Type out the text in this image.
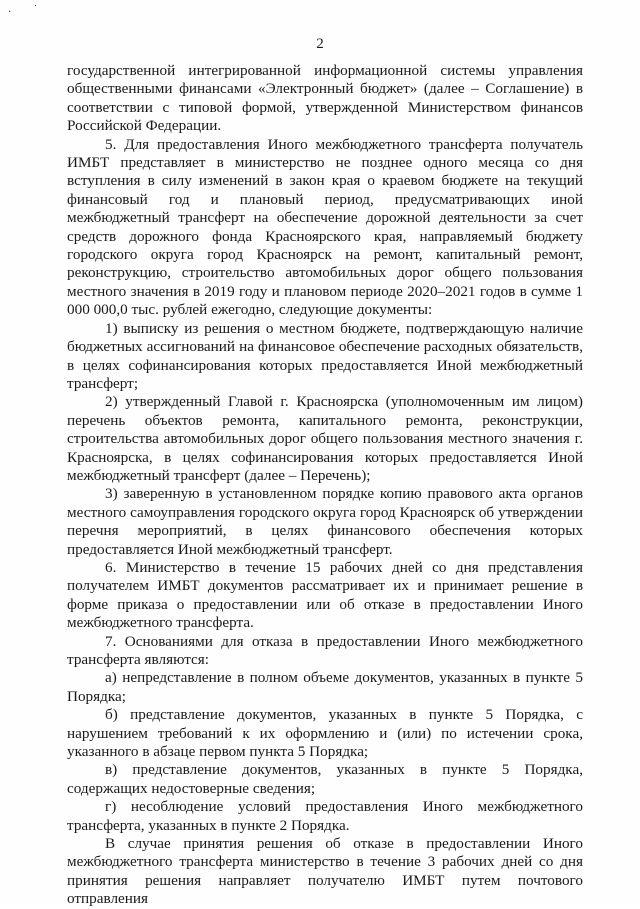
․ ˙
2

государственной интегрированной информационной системы управления общественными финансами «Электронный бюджет» (далее – Соглашение) в соответствии с типовой формой, утвержденной Министерством финансов Российской Федерации.

5. Для предоставления Иного межбюджетного трансферта получатель ИМБТ представляет в министерство не позднее одного месяца со дня вступления в силу изменений в закон края о краевом бюджете на текущий финансовый год и плановый период, предусматривающих иной межбюджетный трансферт на обеспечение дорожной деятельности за счет средств дорожного фонда Красноярского края, направляемый бюджету городского округа город Красноярск на ремонт, капитальный ремонт, реконструкцию, строительство автомобильных дорог общего пользования местного значения в 2019 году и плановом периоде 2020–2021 годов в сумме 1 000 000,0 тыс. рублей ежегодно, следующие документы:

1) выписку из решения о местном бюджете, подтверждающую наличие бюджетных ассигнований на финансовое обеспечение расходных обязательств, в целях софинансирования которых предоставляется Иной межбюджетный трансферт;

2) утвержденный Главой г. Красноярска (уполномоченным им лицом) перечень объектов ремонта, капитального ремонта, реконструкции, строительства автомобильных дорог общего пользования местного значения г. Красноярска, в целях софинансирования которых предоставляется Иной межбюджетный трансферт (далее – Перечень);

3) заверенную в установленном порядке копию правового акта органов местного самоуправления городского округа город Красноярск об утверждении перечня мероприятий, в целях финансового обеспечения которых предоставляется Иной межбюджетный трансферт.

6. Министерство в течение 15 рабочих дней со дня представления получателем ИМБТ документов рассматривает их и принимает решение в форме приказа о предоставлении или об отказе в предоставлении Иного межбюджетного трансферта.

7. Основаниями для отказа в предоставлении Иного межбюджетного трансферта являются:

а) непредставление в полном объеме документов, указанных в пункте 5 Порядка;

б) представление документов, указанных в пункте 5 Порядка, с нарушением требований к их оформлению и (или) по истечении срока, указанного в абзаце первом пункта 5 Порядка;

в) представление документов, указанных в пункте 5 Порядка, содержащих недостоверные сведения;

г) несоблюдение условий предоставления Иного межбюджетного трансферта, указанных в пункте 2 Порядка.

В случае принятия решения об отказе в предоставлении Иного межбюджетного трансферта министерство в течение 3 рабочих дней со дня принятия решения направляет получателю ИМБТ путем почтового отправления
